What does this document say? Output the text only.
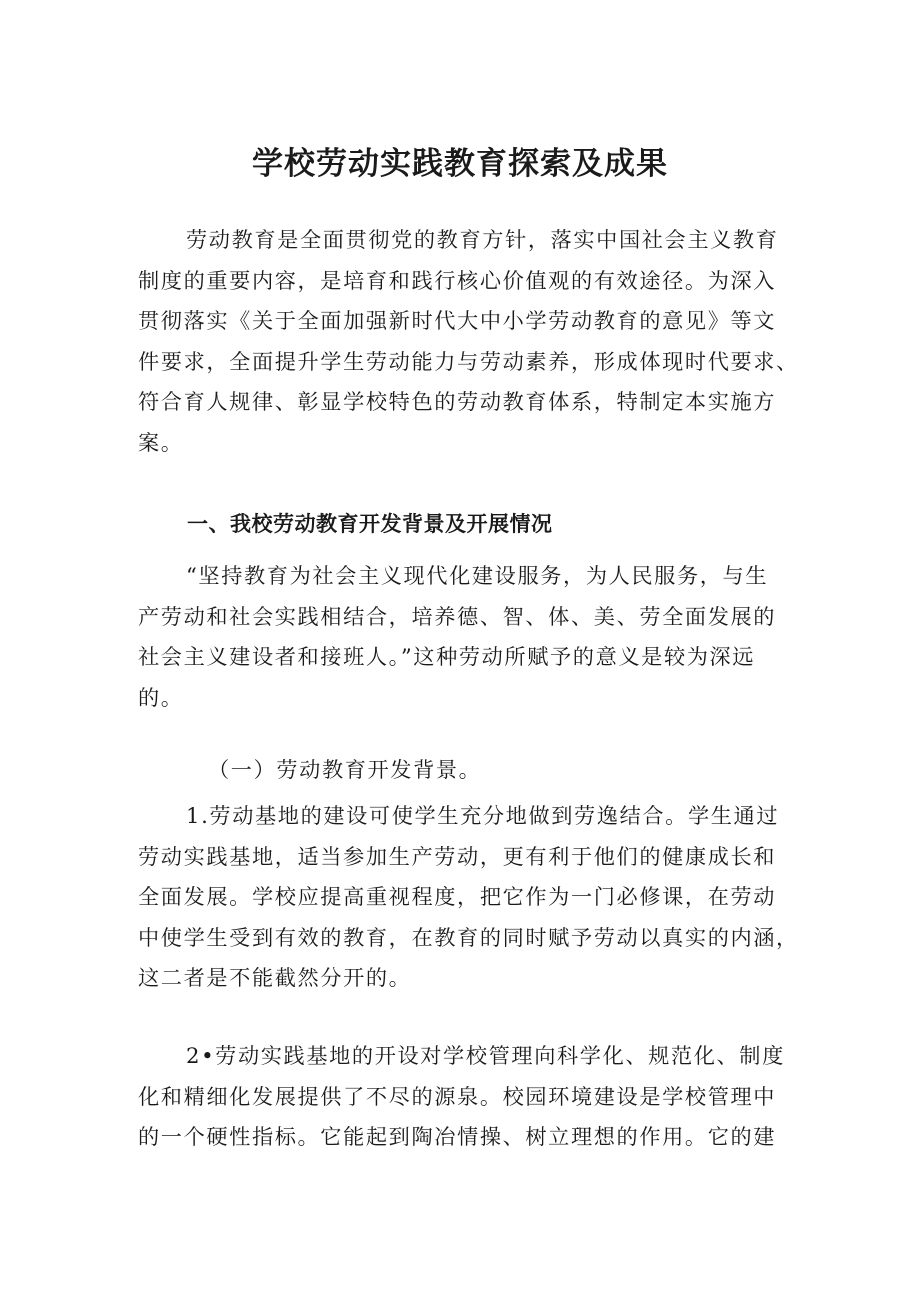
学校劳动实践教育探索及成果
劳动教育是全面贯彻党的教育方针，落实中国社会主义教育
制度的重要内容，是培育和践行核心价值观的有效途径。为深入
贯彻落实《关于全面加强新时代大中小学劳动教育的意见》等文
件要求，全面提升学生劳动能力与劳动素养，形成体现时代要求、
符合育人规律、彰显学校特色的劳动教育体系，特制定本实施方
案。
一、我校劳动教育开发背景及开展情况
“坚持教育为社会主义现代化建设服务，为人民服务，与生
产劳动和社会实践相结合，培养德、智、体、美、劳全面发展的
社会主义建设者和接班人。”这种劳动所赋予的意义是较为深远
的。
（一）劳动教育开发背景。
1.劳动基地的建设可使学生充分地做到劳逸结合。学生通过
劳动实践基地，适当参加生产劳动，更有利于他们的健康成长和
全面发展。学校应提高重视程度，把它作为一门必修课，在劳动
中使学生受到有效的教育，在教育的同时赋予劳动以真实的内涵，
这二者是不能截然分开的。
2•劳动实践基地的开设对学校管理向科学化、规范化、制度
化和精细化发展提供了不尽的源泉。校园环境建设是学校管理中
的一个硬性指标。它能起到陶冶情操、树立理想的作用。它的建
